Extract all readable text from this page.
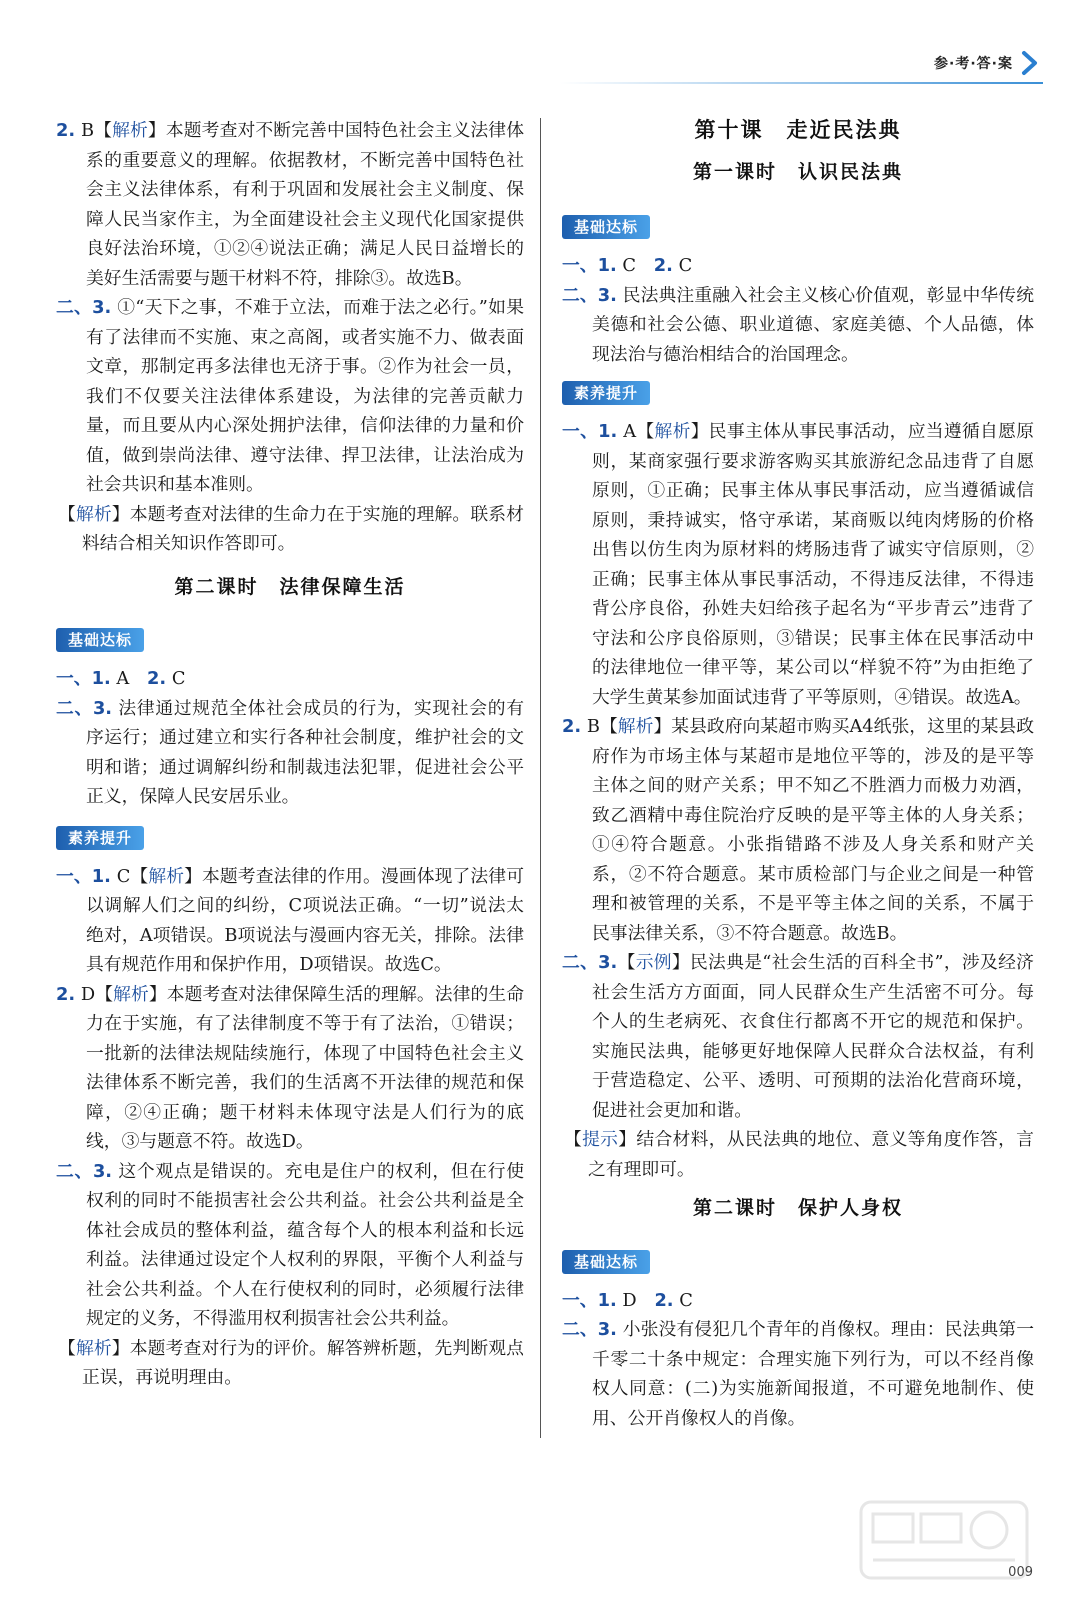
参·考·答·案

2. B【解析】本题考查对不断完善中国特色社会主义法律体系的重要意义的理解。依据教材，不断完善中国特色社会主义法律体系，有利于巩固和发展社会主义制度、保障人民当家作主，为全面建设社会主义现代化国家提供良好法治环境，①②④说法正确；满足人民日益增长的美好生活需要与题干材料不符，排除③。故选B。

二、3. ①“天下之事，不难于立法，而难于法之必行。”如果有了法律而不实施、束之高阁，或者实施不力、做表面文章，那制定再多法律也无济于事。②作为社会一员，我们不仅要关注法律体系建设，为法律的完善贡献力量，而且要从内心深处拥护法律，信仰法律的力量和价值，做到崇尚法律、遵守法律、捍卫法律，让法治成为社会共识和基本准则。

【解析】本题考查对法律的生命力在于实施的理解。联系材料结合相关知识作答即可。

第二课时　法律保障生活
基础达标

一、1. A　 2. C

二、3. 法律通过规范全体社会成员的行为，实现社会的有序运行；通过建立和实行各种社会制度，维护社会的文明和谐；通过调解纠纷和制裁违法犯罪，促进社会公平正义，保障人民安居乐业。

素养提升

一、1. C【解析】本题考查法律的作用。漫画体现了法律可以调解人们之间的纠纷，C项说法正确。“一切”说法太绝对，A项错误。B项说法与漫画内容无关，排除。法律具有规范作用和保护作用，D项错误。故选C。

2. D【解析】本题考查对法律保障生活的理解。法律的生命力在于实施，有了法律制度不等于有了法治，①错误；一批新的法律法规陆续施行，体现了中国特色社会主义法律体系不断完善，我们的生活离不开法律的规范和保障，②④正确；题干材料未体现守法是人们行为的底线，③与题意不符。故选D。

二、3. 这个观点是错误的。充电是住户的权利，但在行使权利的同时不能损害社会公共利益。社会公共利益是全体社会成员的整体利益，蕴含每个人的根本利益和长远利益。法律通过设定个人权利的界限，平衡个人利益与社会公共利益。个人在行使权利的同时，必须履行法律规定的义务，不得滥用权利损害社会公共利益。

【解析】本题考查对行为的评价。解答辨析题，先判断观点正误，再说明理由。

第十课　走近民法典
第一课时　认识民法典
基础达标

一、1. C　 2. C

二、3. 民法典注重融入社会主义核心价值观，彰显中华传统美德和社会公德、职业道德、家庭美德、个人品德，体现法治与德治相结合的治国理念。

素养提升

一、1. A【解析】民事主体从事民事活动，应当遵循自愿原则，某商家强行要求游客购买其旅游纪念品违背了自愿原则，①正确；民事主体从事民事活动，应当遵循诚信原则，秉持诚实，恪守承诺，某商贩以纯肉烤肠的价格出售以仿生肉为原材料的烤肠违背了诚实守信原则，②正确；民事主体从事民事活动，不得违反法律，不得违背公序良俗，孙姓夫妇给孩子起名为“平步青云”违背了守法和公序良俗原则，③错误；民事主体在民事活动中的法律地位一律平等，某公司以“样貌不符”为由拒绝了大学生黄某参加面试违背了平等原则，④错误。故选A。

2. B【解析】某县政府向某超市购买A4纸张，这里的某县政府作为市场主体与某超市是地位平等的，涉及的是平等主体之间的财产关系；甲不知乙不胜酒力而极力劝酒，致乙酒精中毒住院治疗反映的是平等主体的人身关系；①④符合题意。小张指错路不涉及人身关系和财产关系，②不符合题意。某市质检部门与企业之间是一种管理和被管理的关系，不是平等主体之间的关系，不属于民事法律关系，③不符合题意。故选B。

二、3.【示例】民法典是“社会生活的百科全书”，涉及经济社会生活方方面面，同人民群众生产生活密不可分。每个人的生老病死、衣食住行都离不开它的规范和保护。实施民法典，能够更好地保障人民群众合法权益，有利于营造稳定、公平、透明、可预期的法治化营商环境，促进社会更加和谐。

【提示】结合材料，从民法典的地位、意义等角度作答，言之有理即可。

第二课时　保护人身权
基础达标

一、1. D　 2. C

二、3. 小张没有侵犯几个青年的肖像权。理由：民法典第一千零二十条中规定：合理实施下列行为，可以不经肖像权人同意：(二)为实施新闻报道，不可避免地制作、使用、公开肖像权人的肖像。

009
